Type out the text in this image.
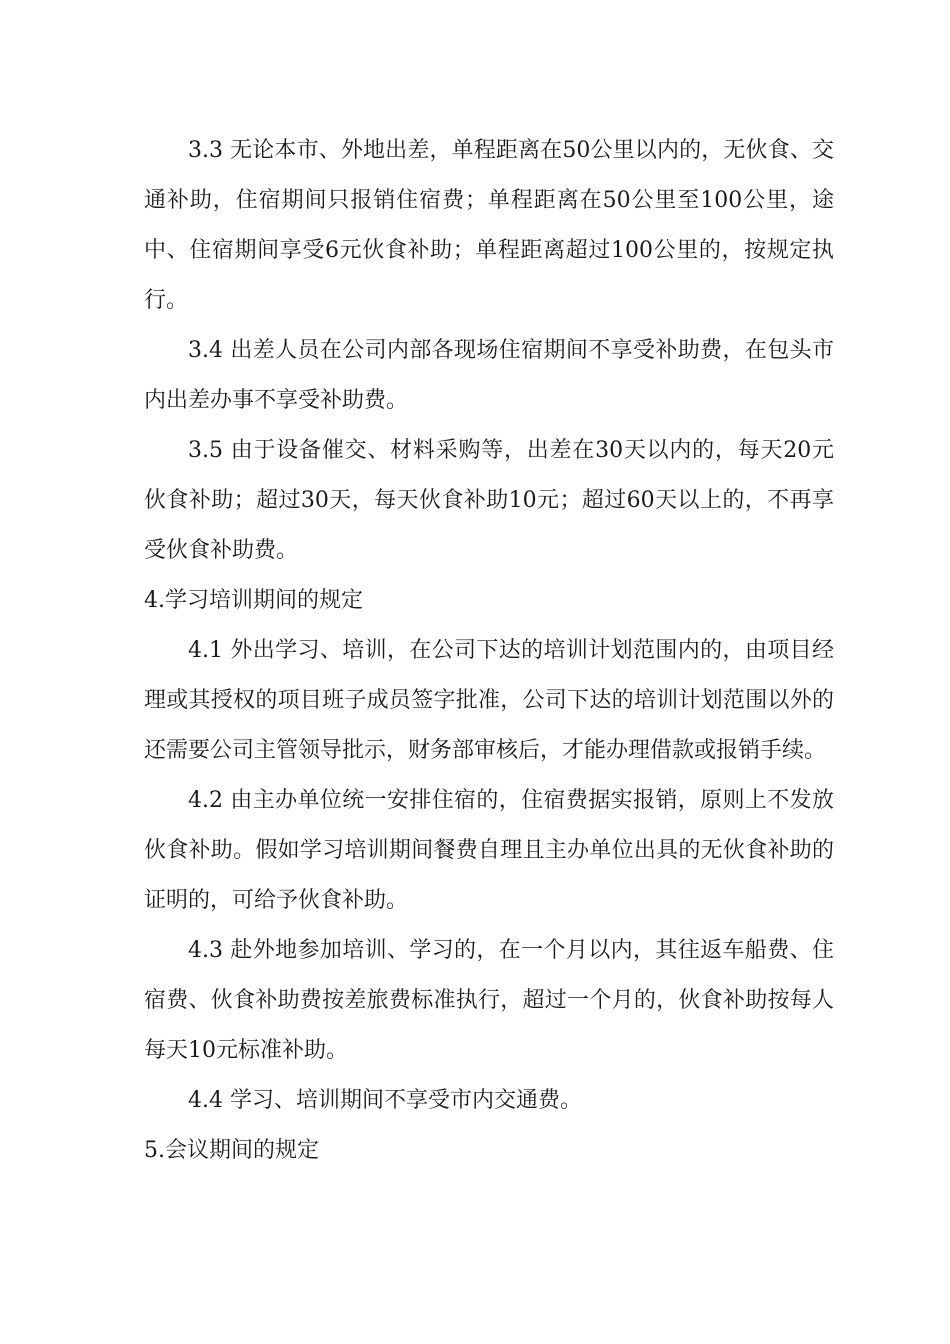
3.3 无论本市、外地出差，单程距离在50公里以内的，无伙食、交通补助，住宿期间只报销住宿费；单程距离在50公里至100公里，途中、住宿期间享受6元伙食补助；单程距离超过100公里的，按规定执行。

3.4 出差人员在公司内部各现场住宿期间不享受补助费，在包头市内出差办事不享受补助费。

3.5 由于设备催交、材料采购等，出差在30天以内的，每天20元伙食补助；超过30天，每天伙食补助10元；超过60天以上的，不再享受伙食补助费。

4.学习培训期间的规定

4.1 外出学习、培训，在公司下达的培训计划范围内的，由项目经理或其授权的项目班子成员签字批准，公司下达的培训计划范围以外的还需要公司主管领导批示，财务部审核后，才能办理借款或报销手续。

4.2 由主办单位统一安排住宿的，住宿费据实报销，原则上不发放伙食补助。假如学习培训期间餐费自理且主办单位出具的无伙食补助的证明的，可给予伙食补助。

4.3 赴外地参加培训、学习的，在一个月以内，其往返车船费、住宿费、伙食补助费按差旅费标准执行，超过一个月的，伙食补助按每人每天10元标准补助。

4.4 学习、培训期间不享受市内交通费。

5.会议期间的规定
